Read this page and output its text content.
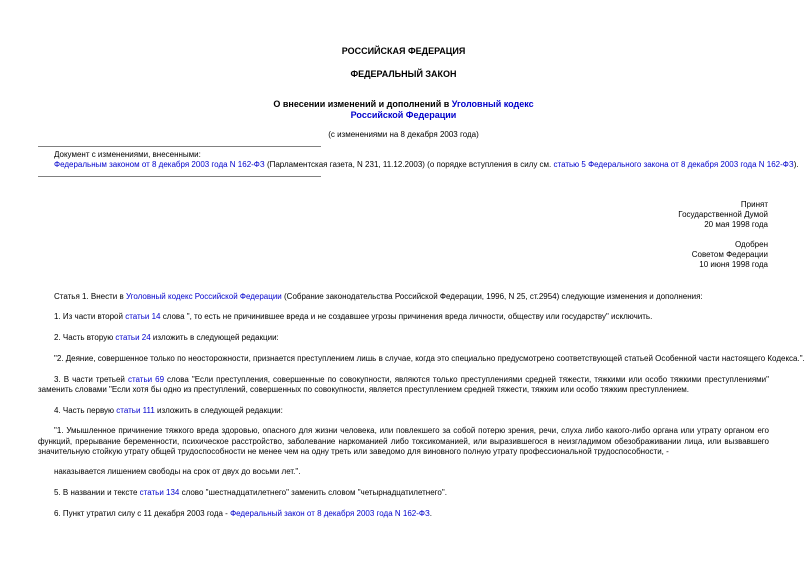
РОССИЙСКАЯ ФЕДЕРАЦИЯ
ФЕДЕРАЛЬНЫЙ ЗАКОН
О внесении изменений и дополнений в Уголовный кодекс
Российской Федерации
(с изменениями на 8 декабря 2003 года)
Документ с изменениями, внесенными:
Федеральным законом от 8 декабря 2003 года N 162-ФЗ (Парламентская газета, N 231, 11.12.2003) (о порядке вступления в силу см. статью 5 Федерального закона от 8 декабря 2003 года N 162-ФЗ).
Принят
Государственной Думой
20 мая 1998 года
Одобрен
Советом Федерации
10 июня 1998 года
Статья 1. Внести в Уголовный кодекс Российской Федерации (Собрание законодательства Российской Федерации, 1996, N 25, ст.2954) следующие изменения и дополнения:
1. Из части второй статьи 14 слова ", то есть не причинившее вреда и не создавшее угрозы причинения вреда личности, обществу или государству" исключить.
2. Часть вторую статьи 24 изложить в следующей редакции:
"2. Деяние, совершенное только по неосторожности, признается преступлением лишь в случае, когда это специально предусмотрено соответствующей статьей Особенной части настоящего Кодекса.".
3. В части третьей статьи 69 слова "Если преступления, совершенные по совокупности, являются только преступлениями средней тяжести, тяжкими или особо тяжкими преступлениями" заменить словами "Если хотя бы одно из преступлений, совершенных по совокупности, является преступлением средней тяжести, тяжким или особо тяжким преступлением.
4. Часть первую статьи 111 изложить в следующей редакции:
"1. Умышленное причинение тяжкого вреда здоровью, опасного для жизни человека, или повлекшего за собой потерю зрения, речи, слуха либо какого-либо органа или утрату органом его функций, прерывание беременности, психическое расстройство, заболевание наркоманией либо токсикоманией, или выразившегося в неизгладимом обезображивании лица, или вызвавшего значительную стойкую утрату общей трудоспособности не менее чем на одну треть или заведомо для виновного полную утрату профессиональной трудоспособности, -
наказывается лишением свободы на срок от двух до восьми лет.".
5. В названии и тексте статьи 134 слово "шестнадцатилетнего" заменить словом "четырнадцатилетнего".
6. Пункт утратил силу с 11 декабря 2003 года - Федеральный закон от 8 декабря 2003 года N 162-ФЗ.
